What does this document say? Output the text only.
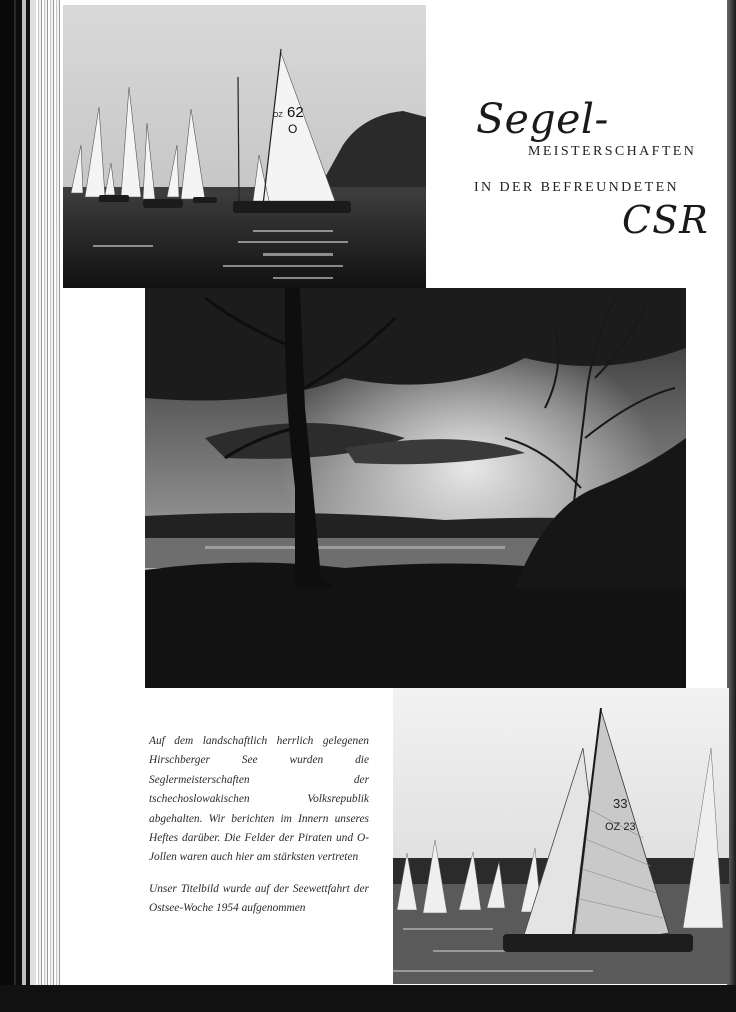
62
O
OZ	Segel-
MEISTERSCHAFTEN
IN DER BEFREUNDETEN
CSR

Auf dem landschaftlich herrlich gelegenen Hirschberger See wurden die Seglermeisterschaften der tschechoslowakischen Volksrepublik abgehalten. Wir berichten im Innern unseres Heftes darüber. Die Felder der Piraten und O-Jollen waren auch hier am stärksten vertreten

Unser Titelbild wurde auf der Seewettfahrt der Ostsee-Woche 1954 aufgenommen

33
OZ 23
